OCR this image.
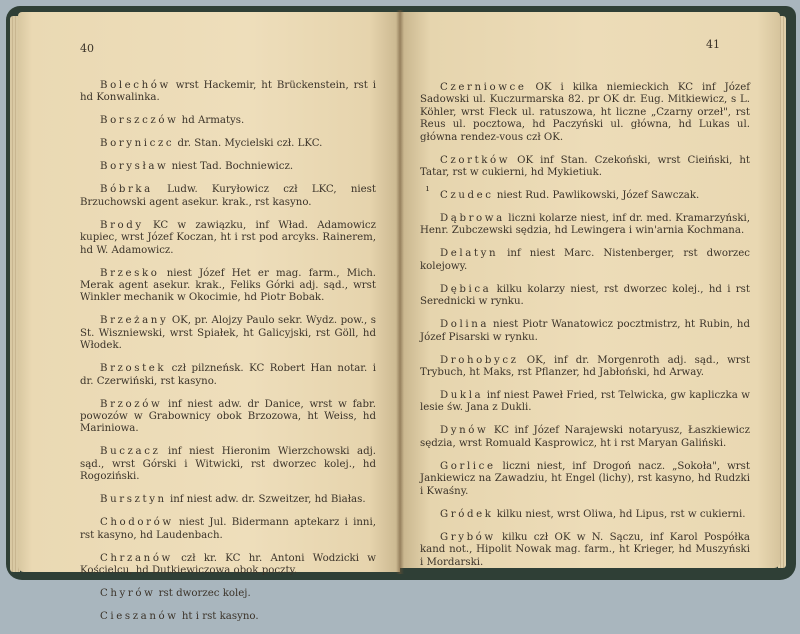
40

Bolechów wrst Hackemir, ht Brückenstein, rst i hd Konwalinka.

Borszczów hd Armatys.

Boryniczc dr. Stan. Mycielski czł. LKC.

Borysław niest Tad. Bochniewicz.

Bóbrka Ludw. Kuryłowicz czł LKC, niest Brzuchowski agent asekur. krak., rst kasyno.

Brody KC w zawiązku, inf Wład. Adamowicz kupiec, wrst Józef Koczan, ht i rst pod arcyks. Rainerem, hd W. Adamowicz.

Brzesko niest Józef Het er mag. farm., Mich. Merak agent asekur. krak., Feliks Górki adj. sąd., wrst Winkler mechanik w Okocimie, hd Piotr Bobak.

Brzeżany OK, pr. Alojzy Paulo sekr. Wydz. pow., s St. Wiszniewski, wrst Spiałek, ht Galicyjski, rst Göll, hd Włodek.

Brzostek czł pilzneńsk. KC Robert Han notar. i dr. Czerwiński, rst kasyno.

Brzozów inf niest adw. dr Danice, wrst w fabr. powozów w Grabownicy obok Brzozowa, ht Weiss, hd Mariniowa.

Buczacz inf niest Hieronim Wierzchowski adj. sąd., wrst Górski i Witwicki, rst dworzec kolej., hd Rogoziński.

Bursztyn inf niest adw. dr. Szweitzer, hd Białas.

Chodorów niest Jul. Bidermann aptekarz i inni, rst kasyno, hd Laudenbach.

Chrzanów czł kr. KC hr. Antoni Wodzicki w Kościelcu, hd Dutkiewiczowa obok poczty.

Chyrów rst dworzec kolej.

Cieszanów ht i rst kasyno.

41
ı

Czerniowce OK i kilka niemieckich KC inf Józef Sadowski ul. Kuczurmarska 82. pr OK dr. Eug. Mitkiewicz, s L. Köhler, wrst Fleck ul. ratuszowa, ht liczne „Czarny orzeł", rst Reus ul. pocztowa, hd Paczyński ul. główna, hd Lukas ul. główna rendez-vous czł OK.

Czortków OK inf Stan. Czekoński, wrst Cieiński, ht Tatar, rst w cukierni, hd Mykietiuk.

Czudec niest Rud. Pawlikowski, Józef Sawczak.

Dąbrowa liczni kolarze niest, inf dr. med. Kramarzyński, Henr. Zubczewski sędzia, hd Lewingera i win'arnia Kochmana.

Delatyn inf niest Marc. Nistenberger, rst dworzec kolejowy.

Dębica kilku kolarzy niest, rst dworzec kolej., hd i rst Serednicki w rynku.

Dolina niest Piotr Wanatowicz pocztmistrz, ht Rubin, hd Józef Pisarski w rynku.

Drohobycz OK, inf dr. Morgenroth adj. sąd., wrst Trybuch, ht Maks, rst Pflanzer, hd Jabłoński, hd Arway.

Dukla inf niest Paweł Fried, rst Telwicka, gw kapliczka w lesie św. Jana z Dukli.

Dynów KC inf Józef Narajewski notaryusz, Łaszkiewicz sędzia, wrst Romuald Kasprowicz, ht i rst Maryan Galiński.

Gorlice liczni niest, inf Drogoń nacz. „Sokoła", wrst Jankiewicz na Zawadziu, ht Engel (lichy), rst kasyno, hd Rudzki i Kwaśny.

Gródek kilku niest, wrst Oliwa, hd Lipus, rst w cukierni.

Grybów kilku czł OK w N. Sączu, inf Karol Pospółka kand not., Hipolit Nowak mag. farm., ht Krieger, hd Muszyński i Mordarski.
